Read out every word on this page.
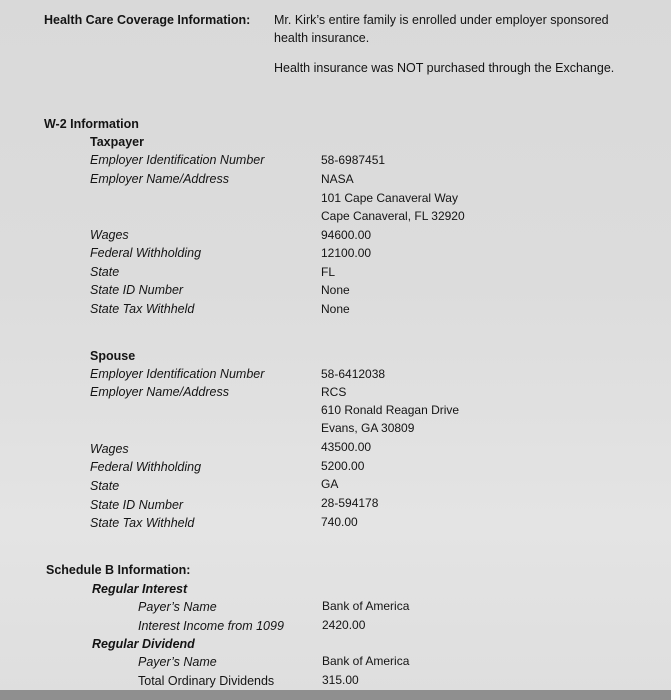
Health Care Coverage Information: Mr. Kirk’s entire family is enrolled under employer sponsored
health insurance.
Health insurance was NOT purchased through the Exchange.
W-2 Information
Taxpayer
Employer Identification Number	58-6987451
Employer Name/Address	NASA
101 Cape Canaveral Way
Cape Canaveral, FL 32920
Wages	94600.00
Federal Withholding	12100.00
State	FL
State ID Number	None
State Tax Withheld	None
Spouse
Employer Identification Number	58-6412038
Employer Name/Address	RCS
610 Ronald Reagan Drive
Evans, GA 30809
Wages	43500.00
Federal Withholding	5200.00
State	GA
State ID Number	28-594178
State Tax Withheld	740.00
Schedule B Information:
Regular Interest
Payer’s Name	Bank of America
Interest Income from 1099	2420.00
Regular Dividend
Payer’s Name	Bank of America
Total Ordinary Dividends	315.00
